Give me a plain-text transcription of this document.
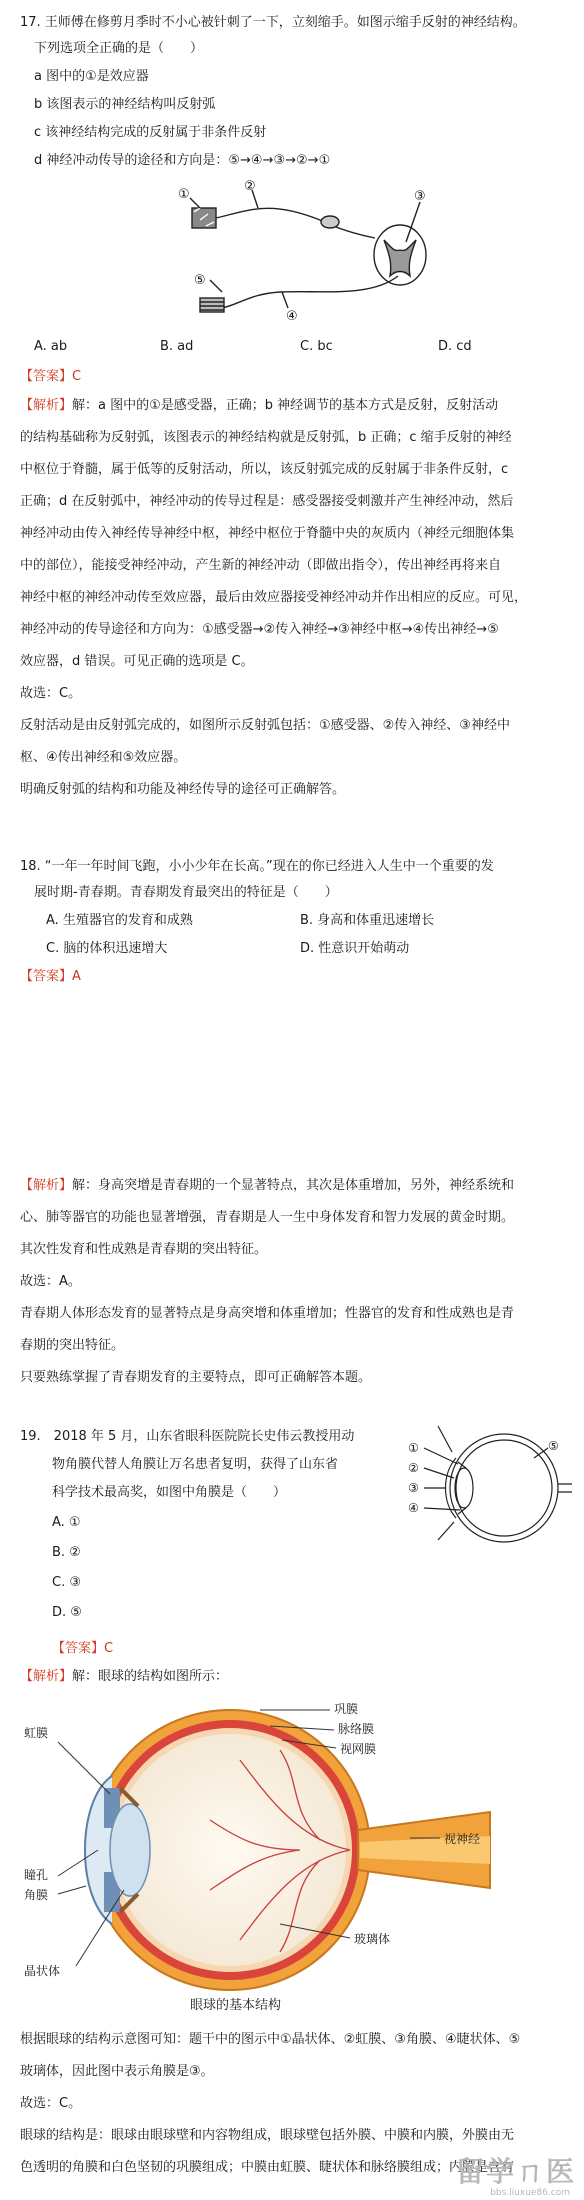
17. 王师傅在修剪月季时不小心被针刺了一下，立刻缩手。如图示缩手反射的神经结构。
下列选项全正确的是（　　）
a 图中的①是效应器
b 该图表示的神经结构叫反射弧
c 该神经结构完成的反射属于非条件反射
d 神经冲动传导的途径和方向是：⑤→④→③→②→①
①
②
③
④
⑤
A. ab	B. ad	C. bc	D. cd
【答案】C
【解析】解：a 图中的①是感受器，正确；b 神经调节的基本方式是反射，反射活动
的结构基础称为反射弧，该图表示的神经结构就是反射弧，b 正确；c 缩手反射的神经
中枢位于脊髓，属于低等的反射活动，所以，该反射弧完成的反射属于非条件反射，c
正确；d 在反射弧中，神经冲动的传导过程是：感受器接受刺激并产生神经冲动，然后
神经冲动由传入神经传导神经中枢，神经中枢位于脊髓中央的灰质内（神经元细胞体集
中的部位），能接受神经冲动，产生新的神经冲动（即做出指令），传出神经再将来自
神经中枢的神经冲动传至效应器，最后由效应器接受神经冲动并作出相应的反应。可见，
神经冲动的传导途径和方向为：①感受器→②传入神经→③神经中枢→④传出神经→⑤
效应器，d 错误。可见正确的选项是 C。
故选：C。
反射活动是由反射弧完成的，如图所示反射弧包括：①感受器、②传入神经、③神经中
枢、④传出神经和⑤效应器。
明确反射弧的结构和功能及神经传导的途径可正确解答。
18. “一年一年时间飞跑，小小少年在长高。”现在的你已经进入人生中一个重要的发
展时期-青春期。青春期发育最突出的特征是（　　）
A. 生殖器官的发育和成熟	B. 身高和体重迅速增长
C. 脑的体积迅速增大	D. 性意识开始萌动
【答案】A
【解析】解：身高突增是青春期的一个显著特点，其次是体重增加，另外，神经系统和
心、肺等器官的功能也显著增强，青春期是人一生中身体发育和智力发展的黄金时期。
其次性发育和性成熟是青春期的突出特征。
故选：A。
青春期人体形态发育的显著特点是身高突增和体重增加；性器官的发育和性成熟也是青
春期的突出特征。
只要熟练掌握了青春期发育的主要特点，即可正确解答本题。
19.　2018 年 5 月，山东省眼科医院院长史伟云教授用动
物角膜代替人角膜让万名患者复明，获得了山东省
科学技术最高奖，如图中角膜是（　　）
A. ①
B. ②
C. ③
D. ⑤
①
②
③
④
⑤
【答案】C
【解析】解：眼球的结构如图所示：
虹膜
巩膜
脉络膜
视网膜
瞳孔
角膜
视神经
玻璃体
晶状体
眼球的基本结构
根据眼球的结构示意图可知：题干中的图示中①晶状体、②虹膜、③角膜、④睫状体、⑤
玻璃体，因此图中表示角膜是③。
故选：C。
眼球的结构是：眼球由眼球壁和内容物组成，眼球壁包括外膜、中膜和内膜，外膜由无
色透明的角膜和白色坚韧的巩膜组成；中膜由虹膜、睫状体和脉络膜组成；内膜是含有
留学ㄇ医
bbs.liuxue86.com
